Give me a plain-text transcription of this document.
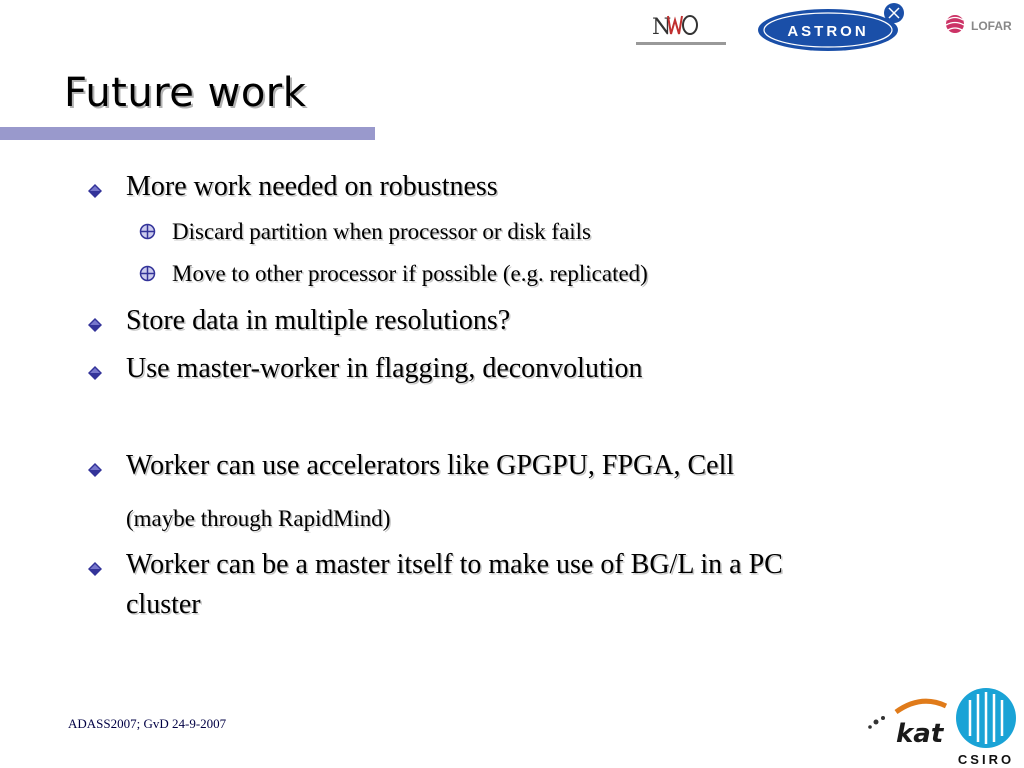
Future work
More work needed on robustness
Discard partition when processor or disk fails
Move to other processor if possible (e.g. replicated)
Store data in multiple resolutions?
Use master-worker in flagging, deconvolution
Worker can use accelerators like GPGPU, FPGA, Cell
(maybe through RapidMind)
Worker can be a master itself to make use of BG/L in a PC
cluster
ADASS2007; GvD 24-9-2007
N	ASTRON	LOFAR
kat
CSIRO
